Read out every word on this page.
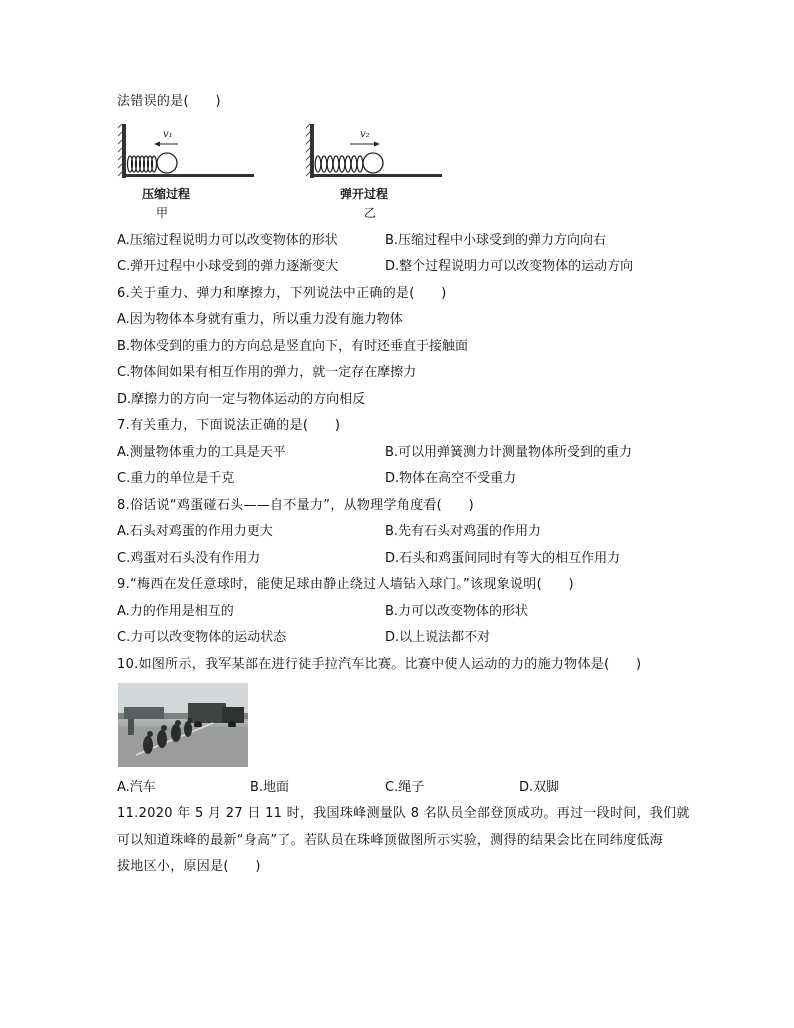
法错误的是(　　)
v₁
压缩过程
甲
v₂
弹开过程
乙
A.压缩过程说明力可以改变物体的形状	B.压缩过程中小球受到的弹力方向向右
C.弹开过程中小球受到的弹力逐渐变大	D.整个过程说明力可以改变物体的运动方向
6.关于重力、弹力和摩擦力，下列说法中正确的是(　　)
A.因为物体本身就有重力，所以重力没有施力物体
B.物体受到的重力的方向总是竖直向下，有时还垂直于接触面
C.物体间如果有相互作用的弹力，就一定存在摩擦力
D.摩擦力的方向一定与物体运动的方向相反
7.有关重力，下面说法正确的是(　　)
A.测量物体重力的工具是天平	B.可以用弹簧测力计测量物体所受到的重力
C.重力的单位是千克	D.物体在高空不受重力
8.俗话说“鸡蛋碰石头——自不量力”，从物理学角度看(　　)
A.石头对鸡蛋的作用力更大	B.先有石头对鸡蛋的作用力
C.鸡蛋对石头没有作用力	D.石头和鸡蛋间同时有等大的相互作用力
9.“梅西在发任意球时，能使足球由静止绕过人墙钻入球门。”该现象说明(　　)
A.力的作用是相互的	B.力可以改变物体的形状
C.力可以改变物体的运动状态	D.以上说法都不对
10.如图所示，我军某部在进行徒手拉汽车比赛。比赛中使人运动的力的施力物体是(　　)
A.汽车	B.地面	C.绳子	D.双脚
11.2020 年 5 月 27 日 11 时，我国珠峰测量队 8 名队员全部登顶成功。再过一段时间，我们就
可以知道珠峰的最新“身高”了。若队员在珠峰顶做图所示实验，测得的结果会比在同纬度低海
拔地区小，原因是(　　)
